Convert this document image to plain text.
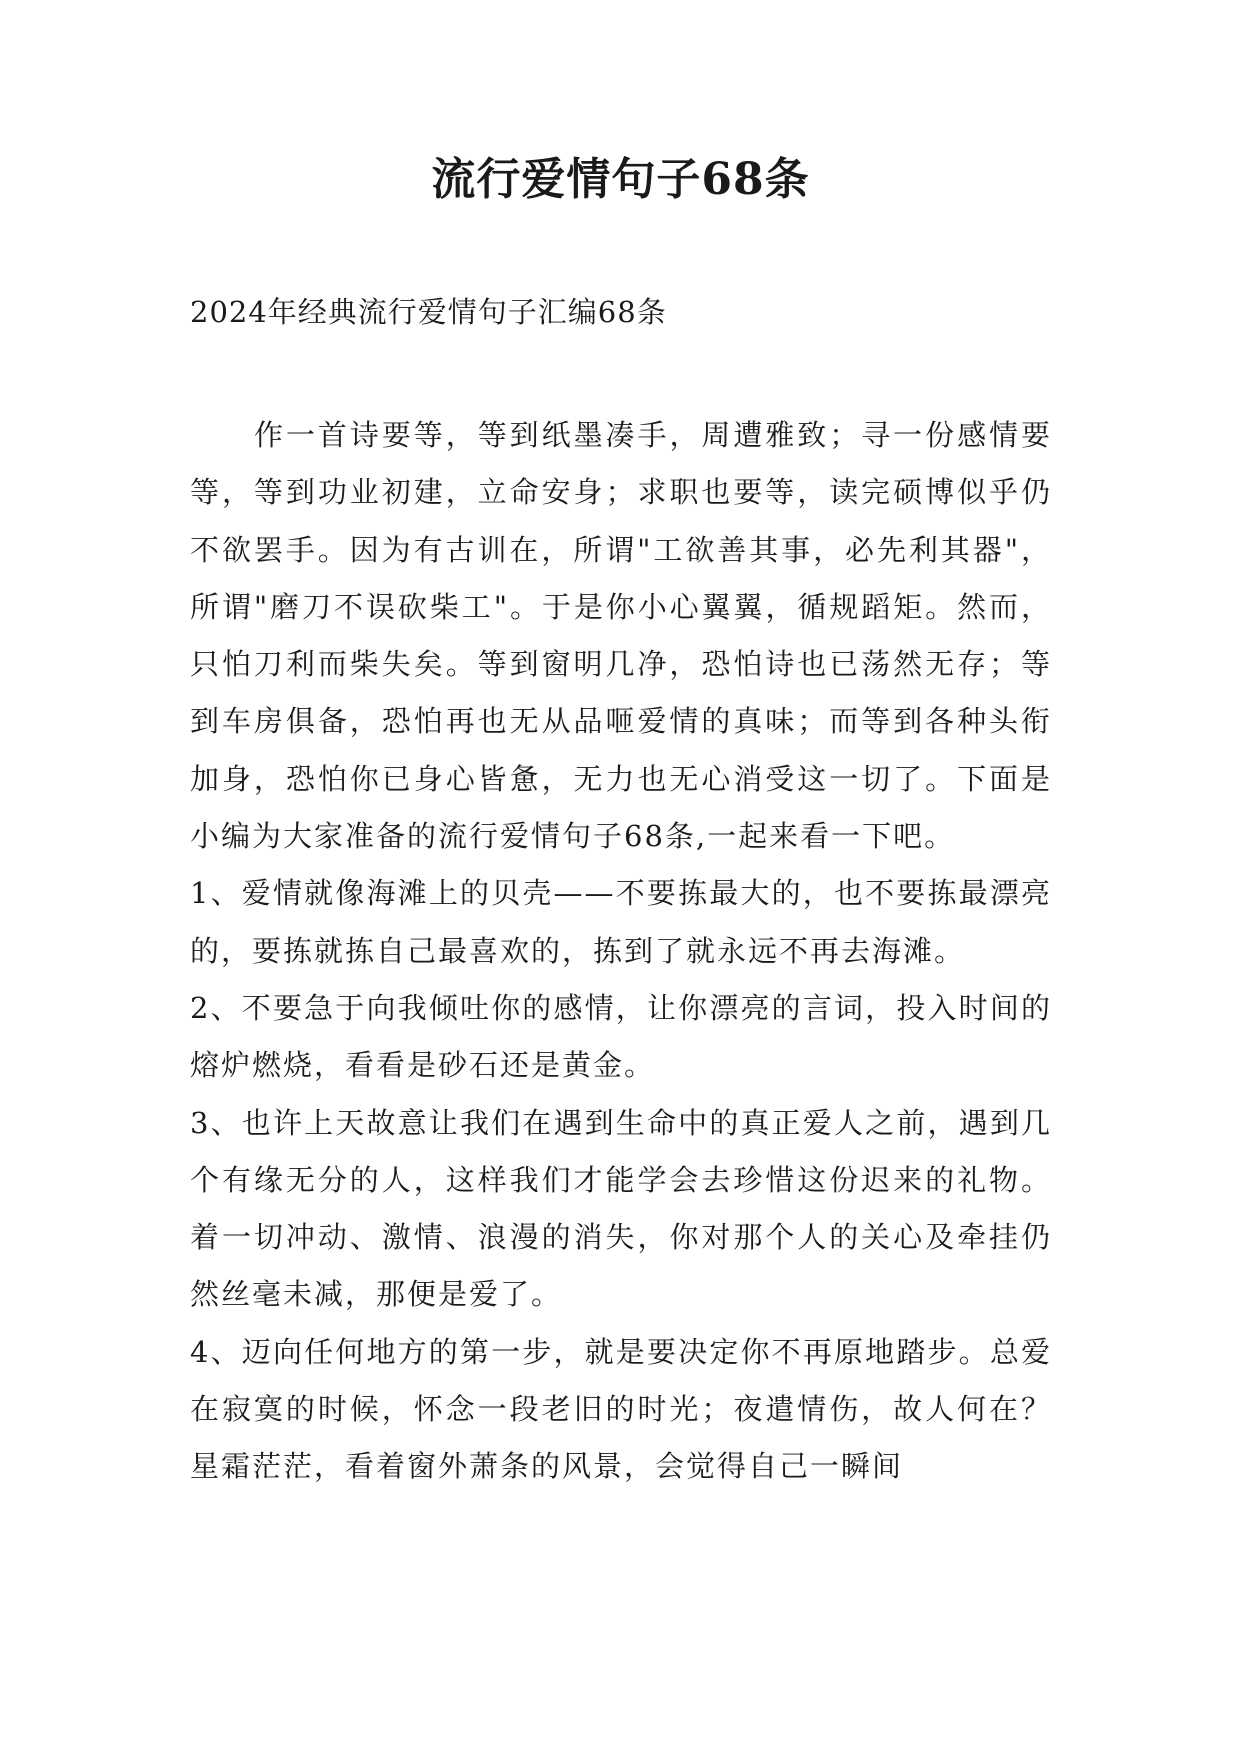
流行爱情句子68条
2024年经典流行爱情句子汇编68条

作一首诗要等，等到纸墨凑手，周遭雅致；寻一份感情要等，等到功业初建，立命安身；求职也要等，读完硕博似乎仍不欲罢手。因为有古训在，所谓"工欲善其事，必先利其器"，所谓"磨刀不误砍柴工"。于是你小心翼翼，循规蹈矩。然而，只怕刀利而柴失矣。等到窗明几净，恐怕诗也已荡然无存；等到车房俱备，恐怕再也无从品咂爱情的真味；而等到各种头衔加身，恐怕你已身心皆惫，无力也无心消受这一切了。下面是小编为大家准备的流行爱情句子68条,一起来看一下吧。

1、爱情就像海滩上的贝壳——不要拣最大的，也不要拣最漂亮的，要拣就拣自己最喜欢的，拣到了就永远不再去海滩。

2、不要急于向我倾吐你的感情，让你漂亮的言词，投入时间的熔炉燃烧，看看是砂石还是黄金。

3、也许上天故意让我们在遇到生命中的真正爱人之前，遇到几个有缘无分的人，这样我们才能学会去珍惜这份迟来的礼物。着一切冲动、激情、浪漫的消失，你对那个人的关心及牵挂仍然丝毫未减，那便是爱了。

4、迈向任何地方的第一步，就是要决定你不再原地踏步。总爱在寂寞的时候，怀念一段老旧的时光；夜遣情伤，故人何在？星霜茫茫，看着窗外萧条的风景，会觉得自己一瞬间
